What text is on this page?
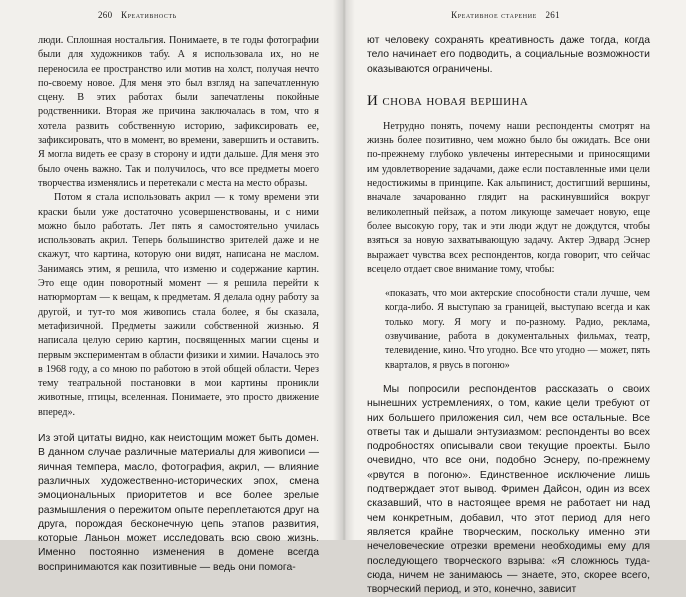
260 Креативность

люди. Сплошная ностальгия. Понимаете, в те годы фотографии были для художников табу. А я использовала их, но не переносила ее пространство или мотив на холст, получая нечто по-своему новое. Для меня это был взгляд на запечатленную сцену. В этих работах были запечатлены покойные родственники. Вторая же причина заключалась в том, что я хотела развить собственную историю, зафиксировать ее, зафиксировать, что в момент, во времени, завершить и оставить. Я могла видеть ее сразу в сторону и идти дальше. Для меня это было очень важно. Так и получилось, что все предметы моего творчества изменялись и перетекали с места на место образы.

Потом я стала использовать акрил — к тому времени эти краски были уже достаточно усовершенствованы, и с ними можно было работать. Лет пять я самостоятельно училась использовать акрил. Теперь большинство зрителей даже и не скажут, что картина, которую они видят, написана не маслом. Занимаясь этим, я решила, что изменю и содержание картин. Это еще один поворотный момент — я решила перейти к натюрмортам — к вещам, к предметам. Я делала одну работу за другой, и тут-то моя живопись стала более, я бы сказала, метафизичной. Предметы зажили собственной жизнью. Я написала целую серию картин, посвященных магии сцены и первым экспериментам в области физики и химии. Началось это в 1968 году, а со мною по работою в этой общей области. Через тему театральной постановки в мои картины проникли животные, птицы, вселенная. Понимаете, это просто движение вперед».

Из этой цитаты видно, как неистощим может быть домен. В данном случае различные материалы для живописи — яичная темпера, масло, фотография, акрил, — влияние различных художественно-исторических эпох, смена эмоциональных приоритетов и все более зрелые размышления о пережитом опыте переплетаются друг на друга, порождая бесконечную цепь этапов развития, которые Ланьон может исследовать всю свою жизнь. Именно постоянно изменения в домене всегда воспринимаются как позитивные — ведь они помога-

Креативное старение 261

ют человеку сохранять креативность даже тогда, когда тело начинает его подводить, а социальные возможности оказываются ограничены.

И снова новая вершина

Нетрудно понять, почему наши респонденты смотрят на жизнь более позитивно, чем можно было бы ожидать. Все они по-прежнему глубоко увлечены интересными и приносящими им удовлетворение задачами, даже если поставленные ими цели недостижимы в принципе. Как альпинист, достигший вершины, вначале зачарованно глядит на раскинувшийся вокруг великолепный пейзаж, а потом ликующе замечает новую, еще более высокую гору, так и эти люди ждут не дождутся, чтобы взяться за новую захватывающую задачу. Актер Эдвард Эснер выражает чувства всех респондентов, когда говорит, что сейчас всецело отдает свое внимание тому, чтобы:

«показать, что мои актерские способности стали лучше, чем когда-либо. Я выступаю за границей, выступаю всегда и как только могу. Я могу и по-разному. Радио, реклама, озвучивание, работа в документальных фильмах, театр, телевидение, кино. Что угодно. Все что угодно — может, пять кварталов, я рвусь в погоню»

Мы попросили респондентов рассказать о своих нынешних устремлениях, о том, какие цели требуют от них большего приложения сил, чем все остальные. Все ответы так и дышали энтузиазмом: респонденты во всех подробностях описывали свои текущие проекты. Было очевидно, что все они, подобно Эснеру, по-прежнему «рвутся в погоню». Единственное исключение лишь подтверждает этот вывод. Фримен Дайсон, один из всех сказавший, что в настоящее время не работает ни над чем конкретным, добавил, что этот период для него является крайне творческим, поскольку именно эти нечеловеческие отрезки времени необходимы ему для последующего творческого взрыва: «Я сложнюсь туда-сюда, ничем не занимаюсь — знаете, это, скорее всего, творческий период, и это, конечно, зависит
